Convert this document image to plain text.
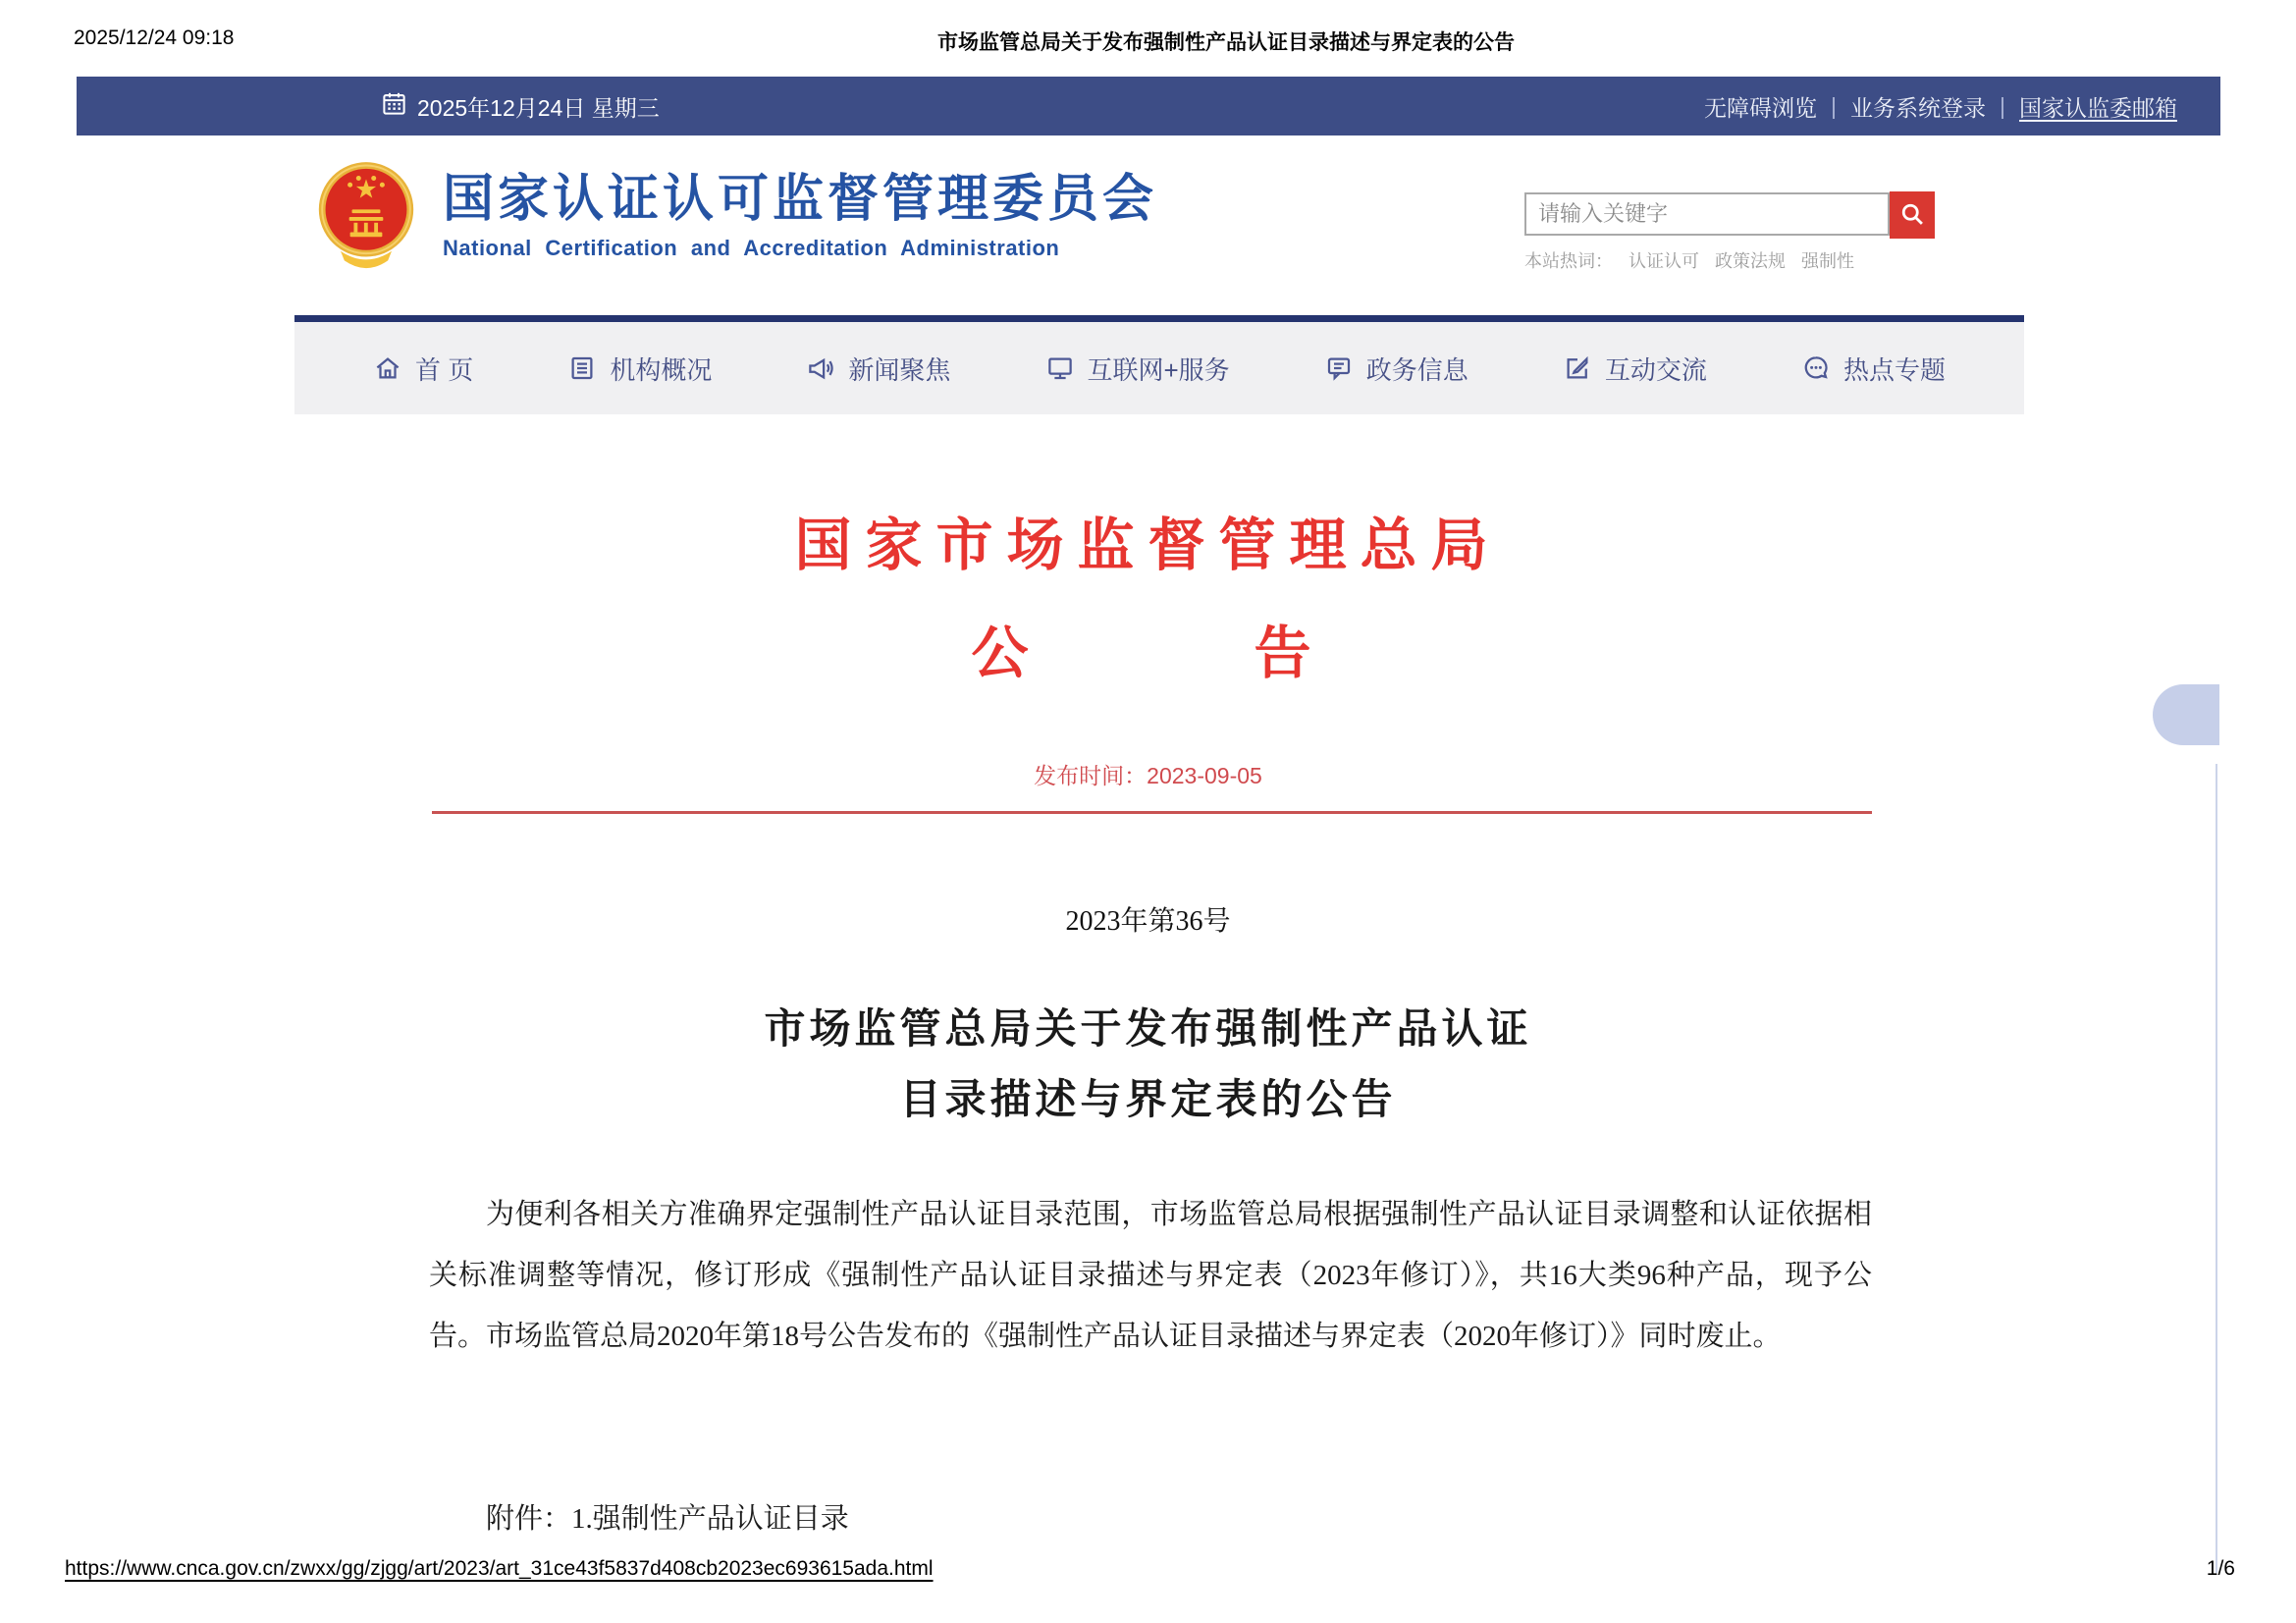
2025/12/24 09:18	市场监管总局关于发布强制性产品认证目录描述与界定表的公告
2025年12月24日 星期三	无障碍浏览 | 业务系统登录 | 国家认监委邮箱
国家认证认可监督管理委员会
National Certification and Accreditation Administration
请输入关键字
本站热词： 认证认可 政策法规 强制性
首 页	机构概况	新闻聚焦	互联网+服务	政务信息	互动交流	热点专题
国家市场监督管理总局
公　　　告
发布时间：2023-09-05
2023年第36号
市场监管总局关于发布强制性产品认证
目录描述与界定表的公告
为便利各相关方准确界定强制性产品认证目录范围，市场监管总局根据强制性产品认证目录调整和认证依据相关标准调整等情况，修订形成《强制性产品认证目录描述与界定表（2023年修订）》，共16大类96种产品，现予公告。市场监管总局2020年第18号公告发布的《强制性产品认证目录描述与界定表（2020年修订）》同时废止。
附件：1.强制性产品认证目录
https://www.cnca.gov.cn/zwxx/gg/zjgg/art/2023/art_31ce43f5837d408cb2023ec693615ada.html	1/6
